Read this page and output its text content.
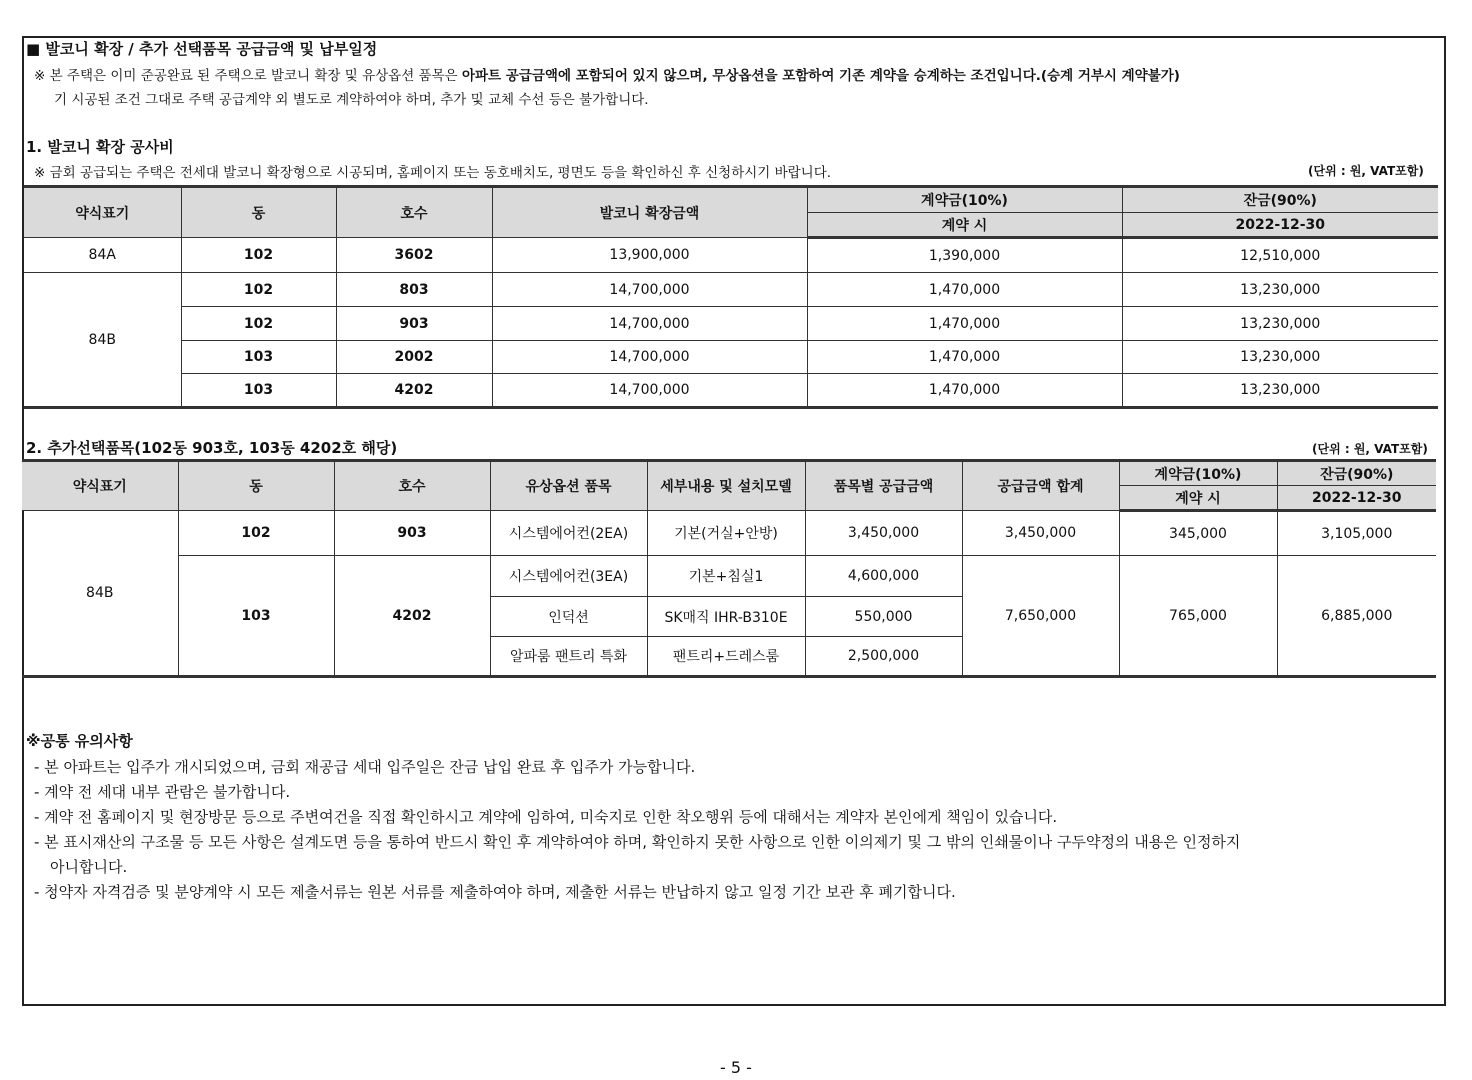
■ 발코니 확장 / 추가 선택품목 공급금액 및 납부일정
※ 본 주택은 이미 준공완료 된 주택으로 발코니 확장 및 유상옵션 품목은 아파트 공급금액에 포함되어 있지 않으며, 무상옵션을 포함하여 기존 계약을 승계하는 조건입니다.(승계 거부시 계약불가)
기 시공된 조건 그대로 주택 공급계약 외 별도로 계약하여야 하며, 추가 및 교체 수선 등은 불가합니다.
1. 발코니 확장 공사비
※ 금회 공급되는 주택은 전세대 발코니 확장형으로 시공되며, 홈페이지 또는 동호배치도, 평면도 등을 확인하신 후 신청하시기 바랍니다.	(단위 : 원, VAT포함)
약식표기	동	호수	발코니 확장금액	계약금(10%)	잔금(90%)
				계약 시	2022-12-30
84A	102	3602	13,900,000	1,390,000	12,510,000
84B	102	803	14,700,000	1,470,000	13,230,000
	102	903	14,700,000	1,470,000	13,230,000
	103	2002	14,700,000	1,470,000	13,230,000
	103	4202	14,700,000	1,470,000	13,230,000
2. 추가선택품목(102동 903호, 103동 4202호 해당)	(단위 : 원, VAT포함)
약식표기	동	호수	유상옵션 품목	세부내용 및 설치모델	품목별 공급금액	공급금액 합계	계약금(10%)	잔금(90%)
							계약 시	2022-12-30
84B	102	903	시스템에어컨(2EA)	기본(거실+안방)	3,450,000	3,450,000	345,000	3,105,000
	103	4202	시스템에어컨(3EA)	기본+침실1	4,600,000	7,650,000	765,000	6,885,000
			인덕션	SK매직 IHR-B310E	550,000			
			알파룸 팬트리 특화	팬트리+드레스룸	2,500,000			
※공통 유의사항
- 본 아파트는 입주가 개시되었으며, 금회 재공급 세대 입주일은 잔금 납입 완료 후 입주가 가능합니다.
- 계약 전 세대 내부 관람은 불가합니다.
- 계약 전 홈페이지 및 현장방문 등으로 주변여건을 직접 확인하시고 계약에 임하여, 미숙지로 인한 착오행위 등에 대해서는 계약자 본인에게 책임이 있습니다.
- 본 표시재산의 구조물 등 모든 사항은 설계도면 등을 통하여 반드시 확인 후 계약하여야 하며, 확인하지 못한 사항으로 인한 이의제기 및 그 밖의 인쇄물이나 구두약정의 내용은 인정하지
아니합니다.
- 청약자 자격검증 및 분양계약 시 모든 제출서류는 원본 서류를 제출하여야 하며, 제출한 서류는 반납하지 않고 일정 기간 보관 후 폐기합니다.
- 5 -
